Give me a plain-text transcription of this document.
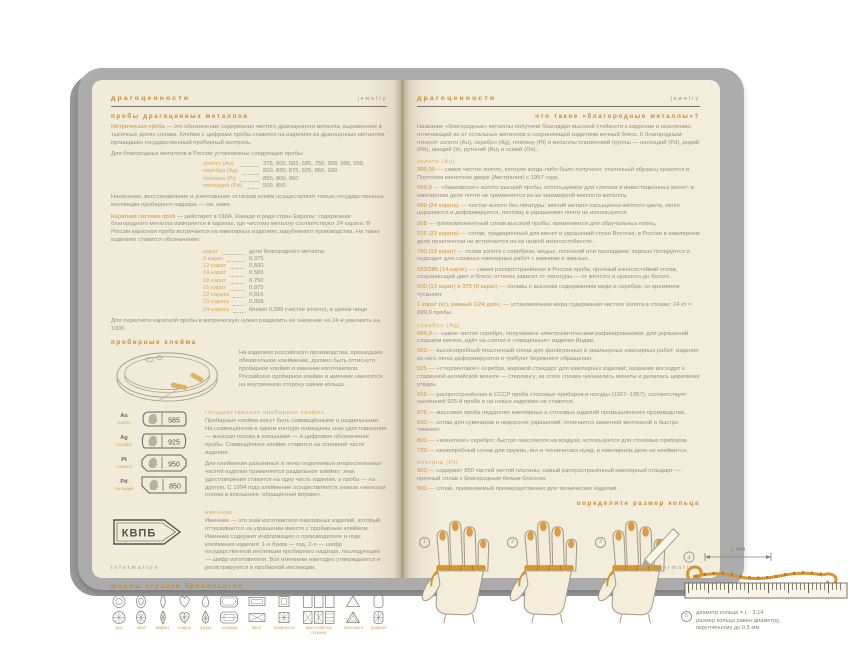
драгоценности	jewelry
пробы драгоценных металлов

Метрическая проба — это обозначение содержания чистого драгоценного металла, выраженное в тысячных долях сплава. Клеймо с цифрами пробы ставится на изделиях из драгоценных металлов, прошедших государственный пробирный контроль.

Для благородных металлов в России установлены следующие пробы:

золото (Au)	375, 500, 583, 585, 750, 958, 996, 999
серебро (Ag)	800, 830, 875, 925, 960, 999
платина (Pt)	850, 900, 950
палладий (Pd)	500, 850

Нанесение, восстановление и уничтожение оттисков клейм осуществляют только государственные инспекции пробирного надзора — см. ниже.

Каратная система проб — действует в США, Канаде и ряде стран Европы: содержание благородного металла измеряется в каратах, где чистому металлу соответствуют 24 карата. В России каратная проба встречается на ювелирных изделиях зарубежного производства. На таких изделиях ставится обозначение:

карат	доля благородного металла
9 карат	0,375
12 карат	0,500
14 карат	0,583
18 карат	0,750
21 карат	0,875
22 карата	0,916
23 карата	0,958
24 карата	близко 0,999 (чистое золото), в целом чище

Для пересчёта каратной пробы в метрическую нужно разделить её значение на 24 и умножить на 1000.

пробирные клейма

На изделиях российского производства, прошедших обязательное клеймение, должно быть оттиснуто пробирное клеймо и именник изготовителя. Российское пробирное клеймо и именник наносятся на внутреннюю сторону шинки кольца.

Au
золото	585
Ag
серебро	925
Pt
платина	950
Pd
палладий	850
государственное пробирное клеймо

Пробирные клейма могут быть совмещёнными и раздельными. На совмещённом в одном контуре помещены знак удостоверения — женская голова в кокошнике — и цифровое обозначение пробы. Совмещённое клеймо ставится на основной части изделия.

Для клеймения разъёмных и легко отделяемых второстепенных частей изделия применяется раздельное клеймо: знак удостоверения ставится на одну часть изделия, а проба — на другую. С 1994 года клеймение осуществляется знаком «женская голова в кокошнике, обращённая вправо».

КВПБ
именник

Именник — это знак изготовителя ювелирных изделий, который оттискивается на украшении вместе с пробирным клеймом. Именник содержит информацию о производителе и годе клеймения изделия: 1-я буква — год, 2-я — шифр государственной инспекции пробирного надзора, последующие — шифр изготовителя. Все именники ежегодно утверждаются и регистрируются в пробирной инспекции.

формы огранки бриллиантов
круг	овал маркиз сердце груша изумруд	багет	принцесса	фантазийные огранки
триллиант радиант
information
драгоценности	jewelry
что такое «благородные металлы»?

Название «благородные» металлы получили благодаря высокой стойкости к коррозии и окислению, отличающей их от остальных металлов и сохраняющей изделиям вечный блеск. К благородным относят золото (Au), серебро (Ag), платину (Pt) и металлы платиновой группы — палладий (Pd), родий (Rh), иридий (Ir), рутений (Ru) и осмий (Os).

золото (Au)

999,99 — самое чистое золото, которое когда-либо было получено; эталонный образец хранится в Пертском монетном дворе (Австралия) с 1957 года.

999,9 — «банковское» золото высшей пробы, используемое для слитков и инвестиционных монет; в ювелирном деле почти не применяется из-за чрезмерной мягкости металла.

999 (24 карата) — чистое золото без лигатуры; мягкий металл насыщенно-жёлтого цвета, легко царапается и деформируется, поэтому в украшениях почти не используется.

958 — трёхкомпонентный сплав высокой пробы; применяется для обручальных колец.

916 (22 карата) — сплав, традиционный для монет и украшений стран Востока; в России в ювелирном деле практически не встречается из-за низкой износостойкости.

750 (18 карат) — сплав золота с серебром, медью, платиной или палладием; хорошо полируется и подходит для сложных ювелирных работ с камнями и эмалью.

583/585 (14 карат) — самая распространённая в России проба; прочный износостойкий сплав, сохраняющий цвет и блеск; оттенок зависит от лигатуры — от жёлтого и красного до белого.

500 (12 карат) и 375 (9 карат) — сплавы с высоким содержанием меди и серебра; со временем тускнеют.

1 карат (кт), равный 1/24 доле, — установленная мера содержания чистого золота в сплаве: 24 кт = 999,9 пробы.

серебро (Ag)

999,9 — самое чистое серебро, получаемое электролитическим рафинированием; для украшений слишком мягкое, идёт на слитки и «священные» изделия Индии.

960 — высокопробный пластичный сплав для филигранных и эмальерных ювелирных работ; изделия из него легко деформируются и требуют бережного обращения.

925 — «стерлинговое» серебро, мировой стандарт для ювелирных изделий; название восходит к старинной английской монете — стерлингу; из этого сплава чеканились монеты и делалась церковная утварь.

916 — распространённая в СССР проба столовых приборов и посуды (1927–1957); соответствует нынешней 925-й пробе и на новых изделиях не ставится.

875 — массовая проба недорогих ювелирных и столовых изделий промышленного производства.

830 — сплав для сувениров и недорогих украшений; отличается заметной желтизной и быстро темнеет.

800 — «монетное» серебро; быстро окисляется на воздухе, используется для столовых приборов.

720 — низкопробный сплав для пружин, игл и технических нужд; в ювелирном деле не клеймится.

платина (Pt)

950 — содержит 950 частей чистой платины; самый распространённый ювелирный стандарт — прочный сплав с благородным белым блеском.

900 — сплав, применяемый преимущественно для технических изделий.

определите размер кольца
1	2	3
4
L мм
5
диаметр кольца = L : 3,14
размер кольца равен диаметру,
округлённому до 0,5 мм
information
